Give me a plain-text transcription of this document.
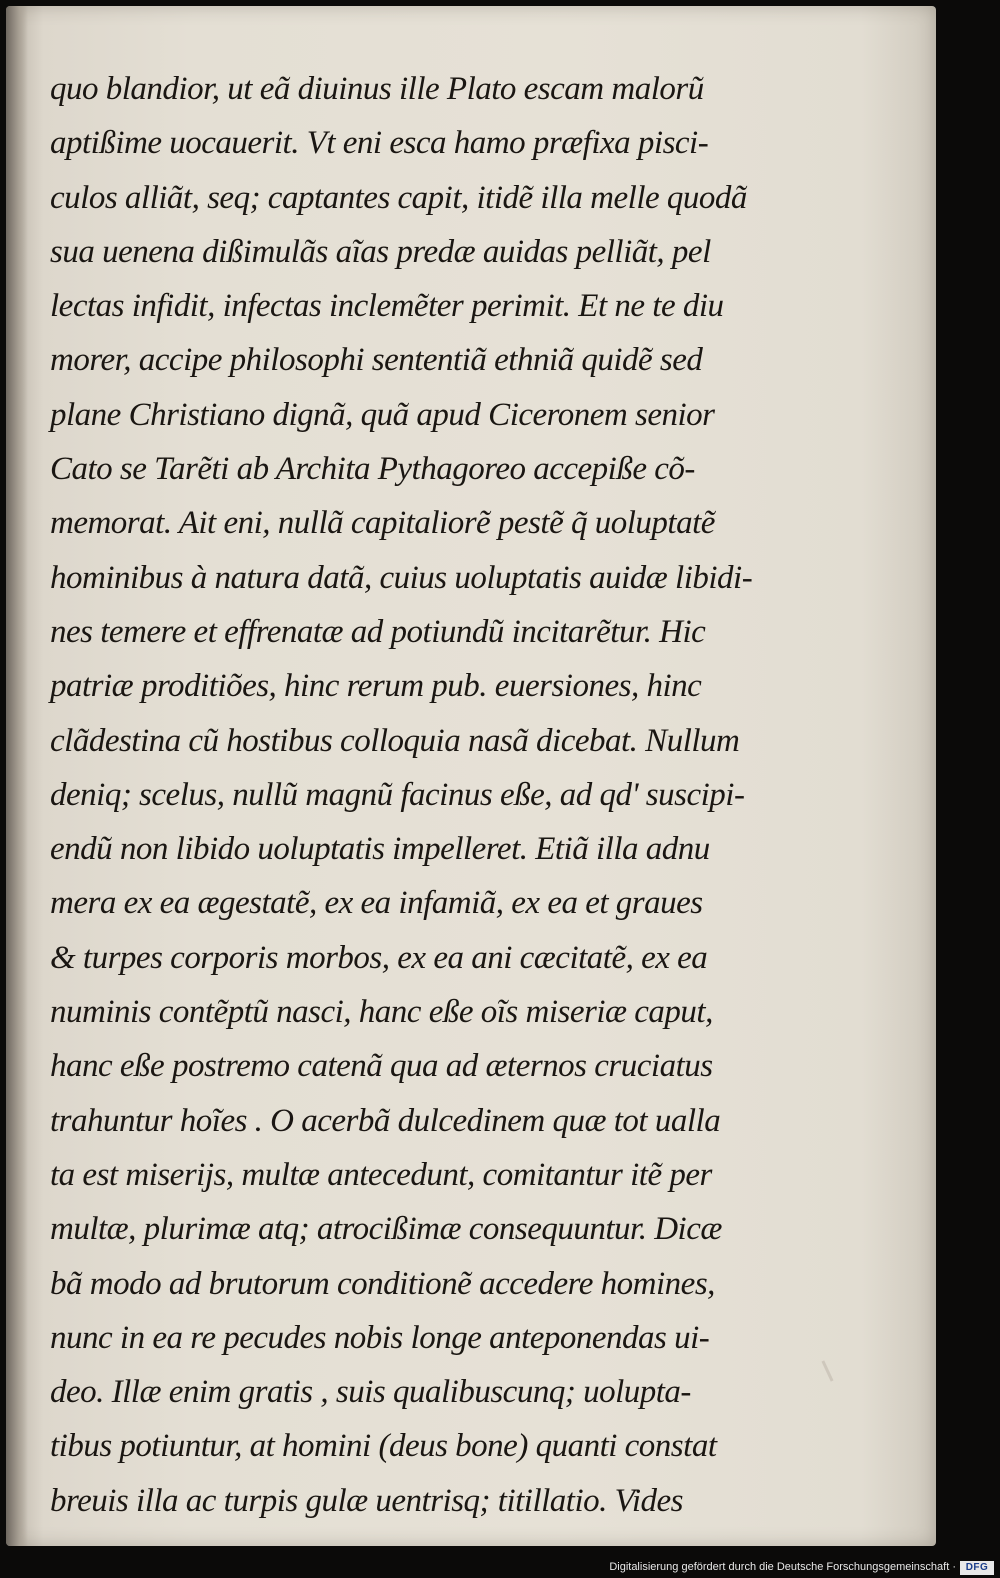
quo blandior, ut eã diuinus ille Plato escam malorũ
aptißime uocauerit. Vt eni esca hamo præfixa pisci-
culos alliãt, seq; captantes capit, itidẽ illa melle quodã
sua uenena dißimulãs aĩas predæ auidas pelliãt, pel
lectas infidit, infectas inclemẽter perimit. Et ne te diu
morer, accipe philosophi sententiã ethniã quidẽ sed
plane Christiano dignã, quã apud Ciceronem senior
Cato se Tarẽti ab Archita Pythagoreo accepiße cõ-
memorat. Ait eni, nullã capitaliorẽ pestẽ q̃ uoluptatẽ
hominibus à natura datã, cuius uoluptatis auidæ libidi-
nes temere et effrenatæ ad potiundũ incitarẽtur. Hic
patriæ proditiões, hinc rerum pub. euersiones, hinc
clãdestina cũ hostibus colloquia nasã dicebat. Nullum
deniq; scelus, nullũ magnũ facinus eße, ad qd' suscipi-
endũ non libido uoluptatis impelleret. Etiã illa adnu
mera ex ea ægestatẽ, ex ea infamiã, ex ea et graues
& turpes corporis morbos, ex ea ani cæcitatẽ, ex ea
numinis contẽptũ nasci, hanc eße oĩs miseriæ caput,
hanc eße postremo catenã qua ad æternos cruciatus
trahuntur hoĩes . O acerbã dulcedinem quæ tot ualla
ta est miserijs, multæ antecedunt, comitantur itẽ per
multæ, plurimæ atq; atrocißimæ consequuntur. Dicæ
bã modo ad brutorum conditionẽ accedere homines,
nunc in ea re pecudes nobis longe anteponendas ui-
deo. Illæ enim gratis , suis qualibuscunq; uolupta-
tibus potiuntur, at homini (deus bone) quanti constat
breuis illa ac turpis gulæ uentrisq; titillatio. Vides
Digitalisierung gefördert durch die Deutsche Forschungsgemeinschaft · DFG
